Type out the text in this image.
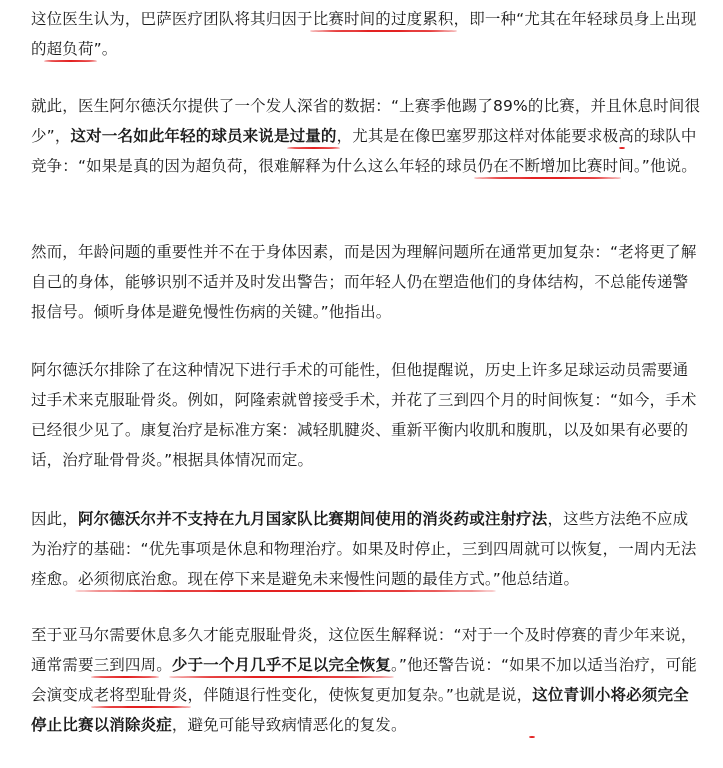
这位医生认为，巴萨医疗团队将其归因于比赛时间的过度累积，即一种“尤其在年轻球员身上出现的超负荷”。

就此，医生阿尔德沃尔提供了一个发人深省的数据：“上赛季他踢了89%的比赛，并且休息时间很少”，这对一名如此年轻的球员来说是过量的，尤其是在像巴塞罗那这样对体能要求极高的球队中竞争：“如果是真的因为超负荷，很难解释为什么这么年轻的球员仍在不断增加比赛时间。”他说。

然而，年龄问题的重要性并不在于身体因素，而是因为理解问题所在通常更加复杂：“老将更了解自己的身体，能够识别不适并及时发出警告；而年轻人仍在塑造他们的身体结构，不总能传递警报信号。倾听身体是避免慢性伤病的关键。”他指出。

阿尔德沃尔排除了在这种情况下进行手术的可能性，但他提醒说，历史上许多足球运动员需要通过手术来克服耻骨炎。例如，阿隆索就曾接受手术，并花了三到四个月的时间恢复：“如今，手术已经很少见了。康复治疗是标准方案：减轻肌腱炎、重新平衡内收肌和腹肌，以及如果有必要的话，治疗耻骨骨炎。”根据具体情况而定。

因此，阿尔德沃尔并不支持在九月国家队比赛期间使用的消炎药或注射疗法，这些方法绝不应成为治疗的基础：“优先事项是休息和物理治疗。如果及时停止，三到四周就可以恢复，一周内无法痊愈。必须彻底治愈。现在停下来是避免未来慢性问题的最佳方式。”他总结道。

至于亚马尔需要休息多久才能克服耻骨炎，这位医生解释说：“对于一个及时停赛的青少年来说，通常需要三到四周。少于一个月几乎不足以完全恢复。”他还警告说：“如果不加以适当治疗，可能会演变成老将型耻骨炎，伴随退行性变化，使恢复更加复杂。”也就是说，这位青训小将必须完全停止比赛以消除炎症，避免可能导致病情恶化的复发。
